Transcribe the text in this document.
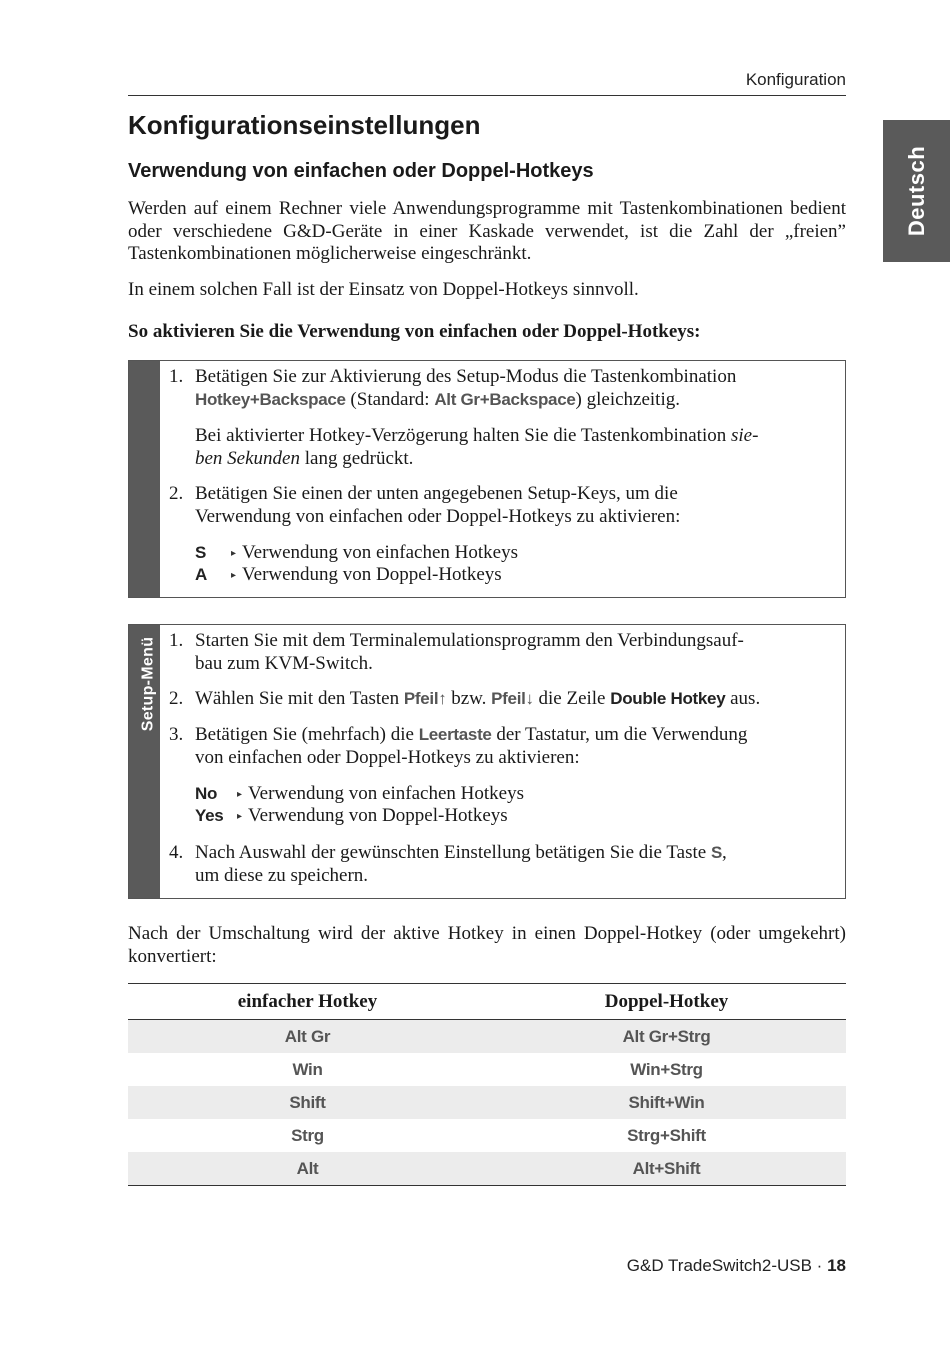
Konfiguration
Deutsch
Konfigurationseinstellungen
Verwendung von einfachen oder Doppel-Hotkeys

Werden auf einem Rechner viele Anwendungsprogramme mit Tastenkombinationen bedient oder verschiedene G&D-Geräte in einer Kaskade verwendet, ist die Zahl der „freien” Tastenkombinationen möglicherweise eingeschränkt.

In einem solchen Fall ist der Einsatz von Doppel-Hotkeys sinnvoll.

So aktivieren Sie die Verwendung von einfachen oder Doppel-Hotkeys:

Setup-Modus
1. Betätigen Sie zur Aktivierung des Setup-Modus die Tastenkombination
Hotkey+Backspace (Standard: Alt Gr+Backspace) gleichzeitig.
Bei aktivierter Hotkey-Verzögerung halten Sie die Tastenkombination sie-
ben Sekunden lang gedrückt.
2. Betätigen Sie einen der unten angegebenen Setup-Keys, um die
Verwendung von einfachen oder Doppel-Hotkeys zu aktivieren:
S ▸ Verwendung von einfachen Hotkeys
A ▸ Verwendung von Doppel-Hotkeys
Setup-Menü 1. Starten Sie mit dem Terminalemulationsprogramm den Verbindungsauf-
bau zum KVM-Switch.
2. Wählen Sie mit den Tasten Pfeil↑ bzw. Pfeil↓ die Zeile Double Hotkey aus.
3. Betätigen Sie (mehrfach) die Leertaste der Tastatur, um die Verwendung
von einfachen oder Doppel-Hotkeys zu aktivieren:
No ▸ Verwendung von einfachen Hotkeys
Yes ▸ Verwendung von Doppel-Hotkeys
4. Nach Auswahl der gewünschten Einstellung betätigen Sie die Taste S,
um diese zu speichern.

Nach der Umschaltung wird der aktive Hotkey in einen Doppel-Hotkey (oder umgekehrt) konvertiert:

einfacher Hotkey	Doppel-Hotkey
Alt Gr	Alt Gr+Strg
Win	Win+Strg
Shift	Shift+Win
Strg	Strg+Shift
Alt	Alt+Shift
G&D TradeSwitch2-USB · 18
